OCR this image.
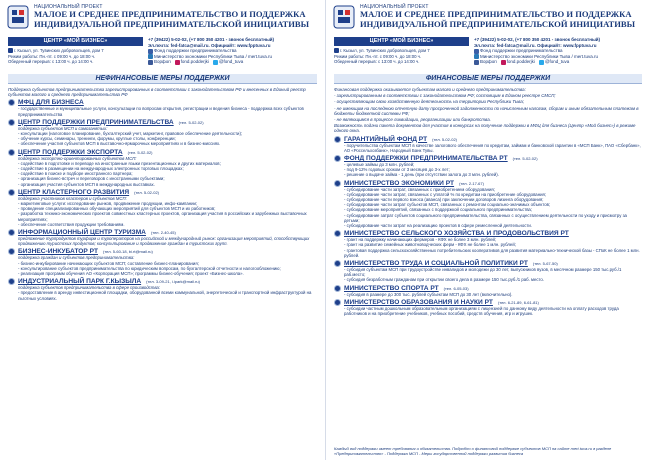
НАЦИОНАЛЬНЫЙ ПРОЕКТ
МАЛОЕ И СРЕДНЕЕ ПРЕДПРИНИМАТЕЛЬСТВО И ПОДДЕРЖКА
ИНДИВИДУАЛЬНОЙ ПРЕДПРИНИМАТЕЛЬСКОЙ ИНИЦИАТИВЫ
ЦЕНТР «МОЙ БИЗНЕС»
г. Кызыл, ул. Тувинских добровольцев, дом 7
Режим работы: Пн.-пт. с 09:00 ч. до 18:00 ч.
Обеденный перерыв: с 13:00 ч. до 14:00 ч.
+7 (39422) 5-02-02, (+7 800 350 4201 - звонок бесплатный)
Эл.почта: fed-fatca@mail.ru. Официайт: www.fpptuva.ru
Фонд поддержки предпринимательства
Министерство экономики Республики Тыва / mert.tuva.ru
Ворфоп	fond.podderjki	@fond_tuva
НЕФИНАНСОВЫЕ МЕРЫ ПОДДЕРЖКИ
Поддержка субъектов предпринимательства зарегистрированных в соответствии с законодательством РФ и внесенных в Единый реестр субъектов малого и среднего предпринимательства РФ
МФЦ ДЛЯ БИЗНЕСА
- государственные и муниципальные услуги, консультации по вопросам открытия, регистрации и ведения бизнеса - поддержка всех субъектов предпринимательства
ЦЕНТР ПОДДЕРЖКИ ПРЕДПРИНИМАТЕЛЬСТВА (тел. 5-02-02)
поддержка субъектов МСП и самозанятых:
- консультации (налоговое планирование, бухгалтерский учет, маркетинг, правовое обеспечение деятельности);
- обучение курсы, семинары, тренинги, форумы, круглые столы, конференции;
- обеспечение участия субъектов МСП в выставочно-ярмарочных мероприятиях и в бизнес-миссиях.
ЦЕНТР ПОДДЕРЖКИ ЭКСПОРТА (тел. 5-02-02)
поддержка экспортно-ориентированных субъектов МСП:
- содействие в подготовке и переводе на иностранные языки презентационных и других материалов;
- содействие в размещении на международных электронных торговых площадках;
- содействие в поиске и подборе иностранного партнера;
- организация бизнес-встреч и переговоров с иностранными субъектами;
- организация участия субъектов МСП в международных выставках.
ЦЕНТР КЛАСТЕРНОГО РАЗВИТИЯ (тел. 5-02-02)
поддержка участников кластеров и субъектов МСП:
- маркетинговые услуги: исследование рынков, продвижение продукции, инфо-кампании;
- проведение специализированных обучающих мероприятий для субъектов МСП и их работников;
- разработка технико-экономических проектов совместных кластерных проектов, организация участия в российских и зарубежных выставочных мероприятиях;
- обеспечение соответствия продукции требованиям.
ИНФОРМАЦИОННЫЙ ЦЕНТР ТУРИЗМА (тел. 2-40-45)
предложение турпродуктов турфирм и туроператоров на российской и международный рынок: организация мероприятий, способствующих продвижению туристских продуктов; консультирование и продвижение граждан в туристских групп.
БИЗНЕС-ИНКУБАТОР РТ (тел. 5-60-18, bi.rt@mail.ru)
поддержка граждан и субъектов предпринимательства:
- бизнес-инкубирование начинающих субъектов МСП; составление бизнес-планирования;
- консультирование субъектов предпринимательства по юридическим вопросам, по бухгалтерской отчетности и налогообложению;
- реализация программ обучения АО «Корпорация МСП»; программы бизнес-обучения; проект «Бизнес-школа».
ИНДУСТРИАЛЬНЫЙ ПАРК Г.КЫЗЫЛА (тел. 3-09-21, i.ipark@mail.ru)
поддержка субъектов предпринимательства в сфере производства:
- предоставление в аренду инвестиционной площадки, оборудованной всеми коммунальной, энергетической и транспортной инфраструктурой на льготных условиях.
НАЦИОНАЛЬНЫЙ ПРОЕКТ
МАЛОЕ И СРЕДНЕЕ ПРЕДПРИНИМАТЕЛЬСТВО И ПОДДЕРЖКА
ИНДИВИДУАЛЬНОЙ ПРЕДПРИНИМАТЕЛЬСКОЙ ИНИЦИАТИВЫ
ЦЕНТР «МОЙ БИЗНЕС»
г. Кызыл, ул. Тувинских добровольцев, дом 7
Режим работы: Пн.-пт. с 09:00 ч. до 18:00 ч.
Обеденный перерыв: с 13:00 ч. до 14:00 ч.
+7 (39422) 5-02-02, (+7 800 350 4201 - звонок бесплатный)
Эл.почта: fed-fatca@mail.ru. Официайт: www.fpptuva.ru
Фонд поддержки предпринимательства
Министерство экономики Республики Тыва / mert.tuva.ru
Ворфоп	fond.podderjki	@fond_tuva
ФИНАНСОВЫЕ МЕРЫ ПОДДЕРЖКИ

Финансовая поддержка оказывается субъектам малого и среднего предпринимательства:

- зарегистрированным в соответствии с законодательством РФ; состоящим в Едином реестре СМСП;

- осуществляющим свою хозяйственную деятельность на территории Республики Тыва;

- не имеющим на последнюю отчетную дату просроченной задолженности по начисленным налогам, сборам и иным обязательным платежам в бюджеты бюджетной системы РФ;

- не являющимся в процессе ликвидации, реорганизации или банкротства.

Возможность подачи пакета документов для участия в конкурсах на получение поддержки в МФЦ для бизнеса (Центр «Мой бизнес») в режиме одного окна.

ГАРАНТИЙНЫЙ ФОНД РТ (тел. 5-02-02)
- поручительства субъектам МСП в качестве залогового обеспечения по кредитам, займам и банковской гарантии в «МСП Банк», ПАО «Сбербанк», АО «Россельхозбанк», Народный Банк Тувы.
ФОНД ПОДДЕРЖКИ ПРЕДПРИНИМАТЕЛЬСТВА РТ (тел. 5-02-02)
- целевые займы до 3 млн. рублей;
- под 9-12% годовых сроком от 3 месяцев до 3-х лет;
- решение о выдаче займа - 1 день (при отсутствии залога до 3 млн. рублей).
МИНИСТЕРСТВО ЭКОНОМИКИ РТ (тел. 2-17-67)
- субсидирование части затрат, связанных с приобретением оборудования;
- субсидирование части затрат, связанных с уплатой % по кредитам на приобретение оборудования;
- субсидирование части первого взноса (аванса) при заключении договоров лизинга оборудования;
- субсидирование части затрат субъектов МСП, связанных с ремонтом социально-значимых объектов;
- субсидирование мероприятий, связанных с поддержкой социального предпринимательства;
- субсидирование затрат субъектов социального предпринимательства, связанных с осуществлением деятельности по уходу и присмотру за детьми;
- субсидирование части затрат на реализацию проектов в сфере ремесленной деятельности.
МИНИСТЕРСТВО СЕЛЬСКОГО ХОЗЯЙСТВА И ПРОДОВОЛЬСТВИЯ РТ
- грант на поддержку начинающих фермеров - КФХ не более 3 млн. рублей;
- грант на развитие семейных животноводческих ферм - КФХ не более 1 млн. рублей;
- грантовая поддержка сельскохозяйственных потребительских кооперативов для развития материально-технической базы - СПоК не более 1 млн. рублей.
МИНИСТЕРСТВО ТРУДА И СОЦИАЛЬНОЙ ПОЛИТИКИ РТ (тел. 5-67-50)
- субсидия субъектам МСП при трудоустройстве инвалидов и молодежи до 30 лет, выпускников вузов, в месячном размере 150 тыс.руб./1 раб.место;
- субсидия безработным гражданам при открытии своего дела в размере 150 тыс.руб./1 раб. место.
МИНИСТЕРСТВО СПОРТА РТ (тел. 6-05-03)
- субсидия в размере до 300 тыс. рублей субъектам МСП до 30 лет (включительно).
МИНИСТЕРСТВО ОБРАЗОВАНИЯ И НАУКИ РТ (тел. 6-21-89, 6-61-81)
- субсидии частным дошкольным образовательным организациям с лицензией по данному виду деятельности на оплату расходов труда работников и на приобретение учебников, учебных пособий, средств обучения, игр и игрушек.
Каждый вид поддержки имеет требования и обязательства. Подробно о финансовой поддержке субъектов МСП на сайте mert.tuva.ru в разделе «Предпринимательство» - Поддержка МСП - Меры государственной поддержки развития бизнеса
